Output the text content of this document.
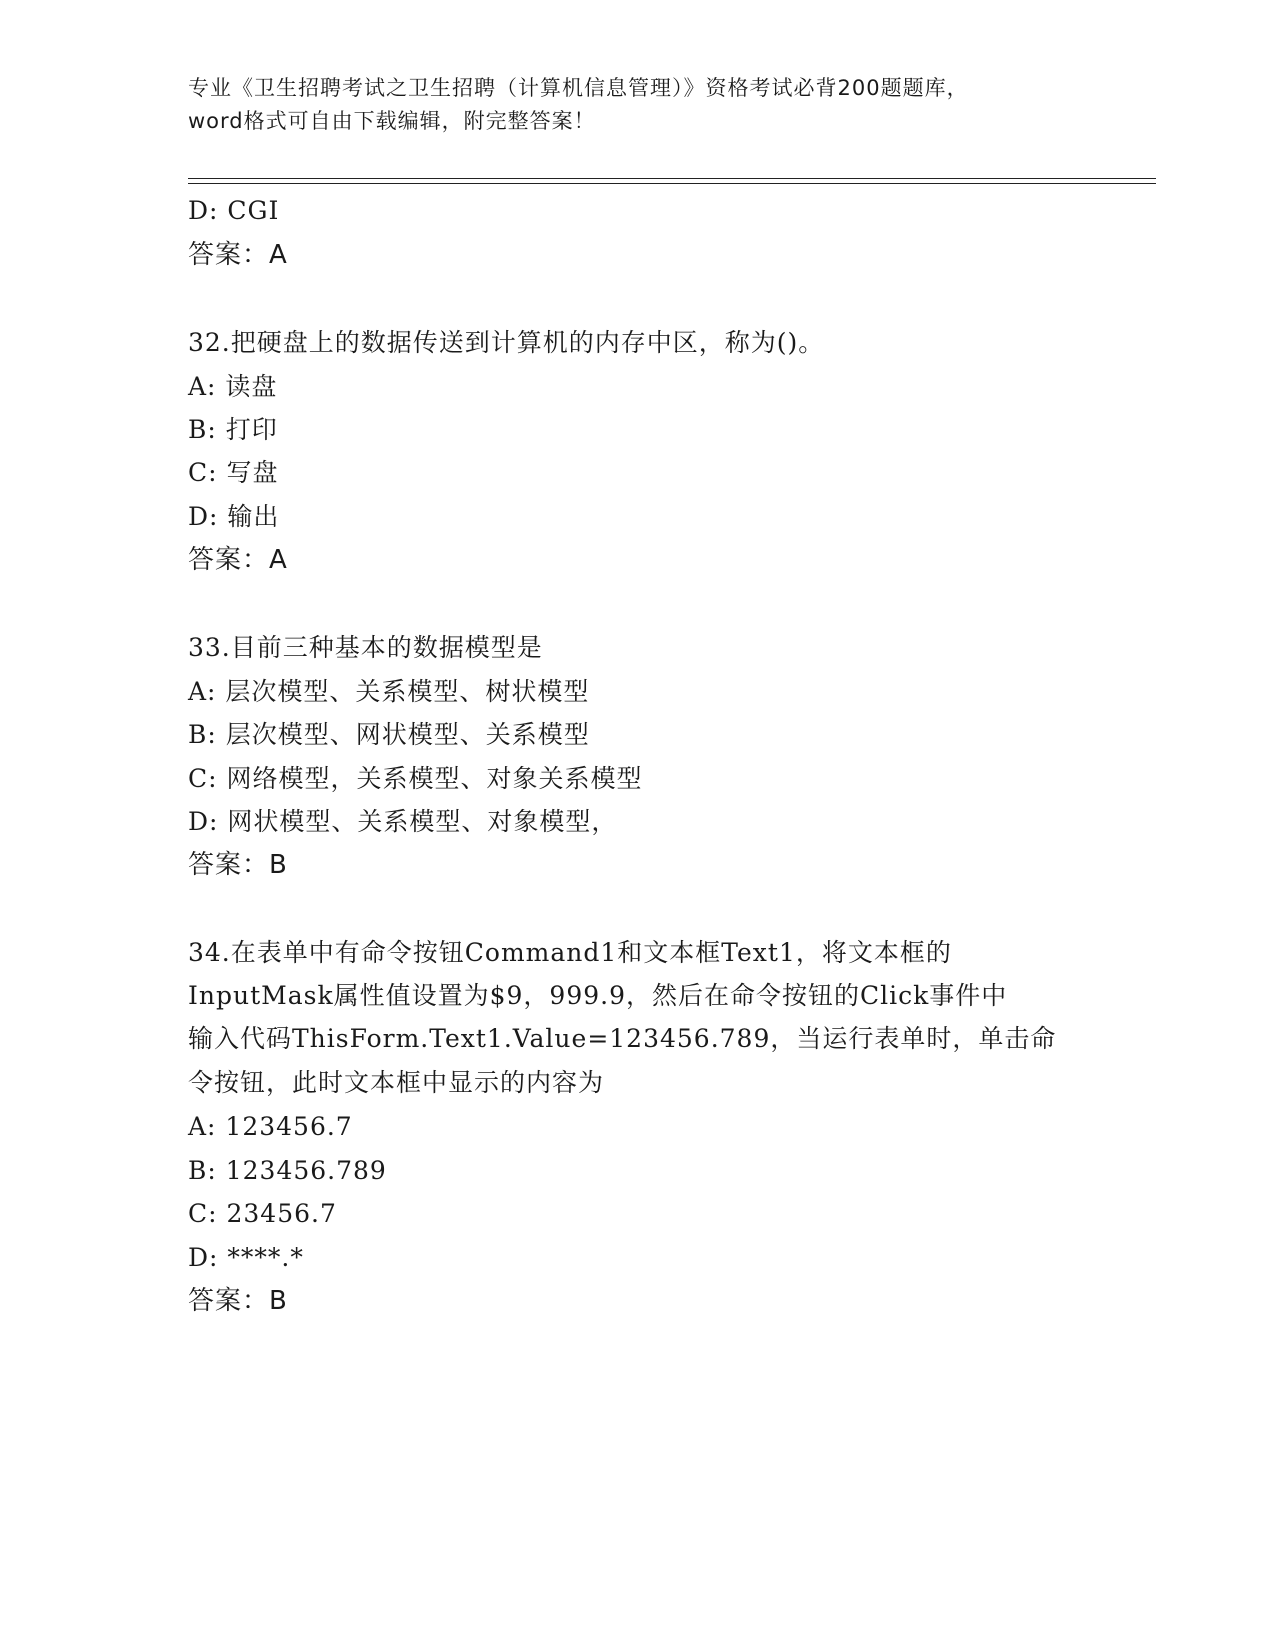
专业《卫生招聘考试之卫生招聘（计算机信息管理）》资格考试必背200题题库，
word格式可自由下载编辑，附完整答案！
D: CGI
答案：A
32.把硬盘上的数据传送到计算机的内存中区，称为()。
A: 读盘
B: 打印
C: 写盘
D: 输出
答案：A
33.目前三种基本的数据模型是
A: 层次模型、关系模型、树状模型
B: 层次模型、网状模型、关系模型
C: 网络模型，关系模型、对象关系模型
D: 网状模型、关系模型、对象模型，
答案：B
34.在表单中有命令按钮Command1和文本框Text1，将文本框的
InputMask属性值设置为$9，999.9，然后在命令按钮的Click事件中
输入代码ThisForm.Text1.Value=123456.789，当运行表单时，单击命
令按钮，此时文本框中显示的内容为
A: 123456.7
B: 123456.789
C: 23456.7
D: ****.*
答案：B
